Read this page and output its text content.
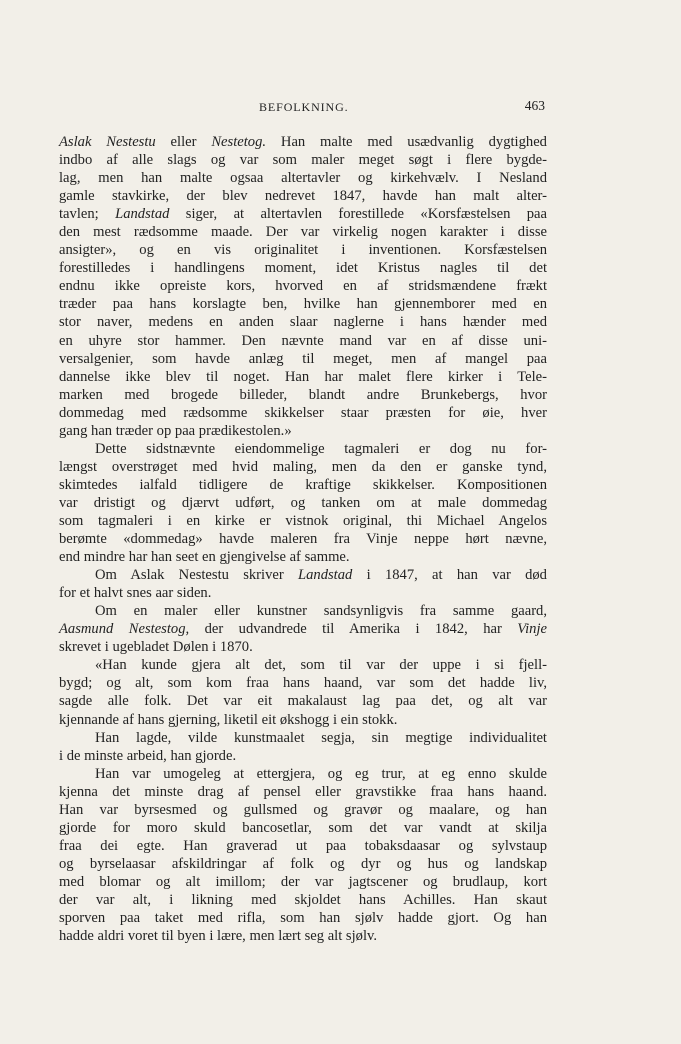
BEFOLKNING.	463
Aslak Nestestu eller Nestetog. Han malte med usædvanlig dygtighed
indbo af alle slags og var som maler meget søgt i flere bygde-
lag, men han malte ogsaa altertavler og kirkehvælv. I Nesland
gamle stavkirke, der blev nedrevet 1847, havde han malt alter-
tavlen; Landstad siger, at altertavlen forestillede «Korsfæstelsen paa
den mest rædsomme maade. Der var virkelig nogen karakter i disse
ansigter», og en vis originalitet i inventionen. Korsfæstelsen
forestilledes i handlingens moment, idet Kristus nagles til det
endnu ikke opreiste kors, hvorved en af stridsmændene frækt
træder paa hans korslagte ben, hvilke han gjennemborer med en
stor naver, medens en anden slaar naglerne i hans hænder med
en uhyre stor hammer. Den nævnte mand var en af disse uni-
versalgenier, som havde anlæg til meget, men af mangel paa
dannelse ikke blev til noget. Han har malet flere kirker i Tele-
marken med brogede billeder, blandt andre Brunkebergs, hvor
dommedag med rædsomme skikkelser staar præsten for øie, hver
gang han træder op paa prædikestolen.»
Dette sidstnævnte eiendommelige tagmaleri er dog nu for-
længst overstrøget med hvid maling, men da den er ganske tynd,
skimtedes ialfald tidligere de kraftige skikkelser. Kompositionen
var dristigt og djærvt udført, og tanken om at male dommedag
som tagmaleri i en kirke er vistnok original, thi Michael Angelos
berømte «dommedag» havde maleren fra Vinje neppe hørt nævne,
end mindre har han seet en gjengivelse af samme.
Om Aslak Nestestu skriver Landstad i 1847, at han var død
for et halvt snes aar siden.
Om en maler eller kunstner sandsynligvis fra samme gaard,
Aasmund Nestestog, der udvandrede til Amerika i 1842, har Vinje
skrevet i ugebladet Dølen i 1870.
«Han kunde gjera alt det, som til var der uppe i si fjell-
bygd; og alt, som kom fraa hans haand, var som det hadde liv,
sagde alle folk. Det var eit makalaust lag paa det, og alt var
kjennande af hans gjerning, liketil eit økshogg i ein stokk.
Han lagde, vilde kunstmaalet segja, sin megtige individualitet
i de minste arbeid, han gjorde.
Han var umogeleg at ettergjera, og eg trur, at eg enno skulde
kjenna det minste drag af pensel eller gravstikke fraa hans haand.
Han var byrsesmed og gullsmed og gravør og maalare, og han
gjorde for moro skuld bancosetlar, som det var vandt at skilja
fraa dei egte. Han graverad ut paa tobaksdaasar og sylvstaup
og byrselaasar afskildringar af folk og dyr og hus og landskap
med blomar og alt imillom; der var jagtscener og brudlaup, kort
der var alt, i likning med skjoldet hans Achilles. Han skaut
sporven paa taket med rifla, som han sjølv hadde gjort. Og han
hadde aldri voret til byen i lære, men lært seg alt sjølv.
